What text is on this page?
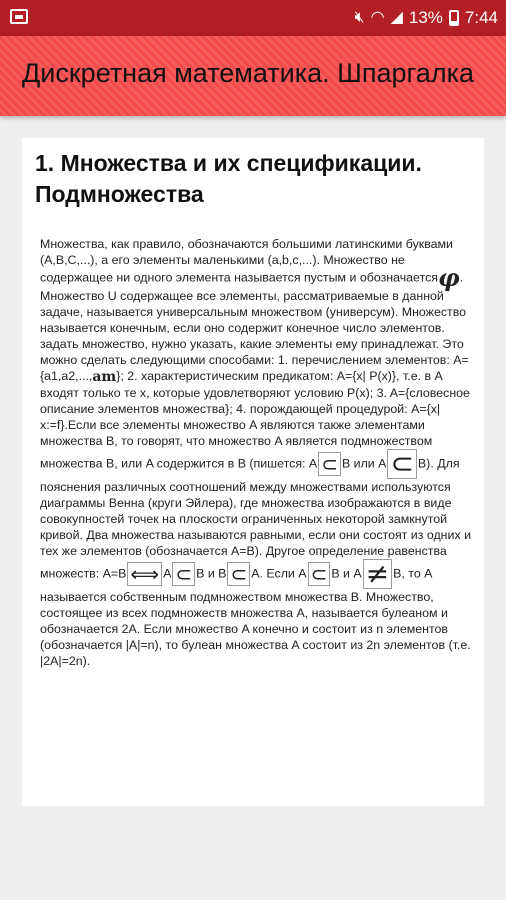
🔇︎ ◠ ◢ 13% 7:44
Дискретная математика. Шпаргалка
1. Множества и их спецификации. Подмножества

Множества, как правило, обозначаются большими латинскими буквами (A,B,C,...), а его элементы маленькими (a,b,c,...). Множество не содержащее ни одного элемента называется пустым и обозначаетсяφ. Множество U содержащее все элементы, рассматриваемые в данной задаче, называется универсальным множеством (универсум). Множество называется конечным, если оно содержит конечное число элементов. задать множество, нужно указать, какие элементы ему принадлежат. Это можно сделать следующими способами: 1. перечислением элементов: A={a1,a2,...,am}; 2. характеристическим предикатом: A={x| P(x)}, т.е. в A входят только те x, которые удовлетворяют условию P(x); 3. A={словесное описание элементов множества}; 4. порождающей процедурой: A={x| x:=f}.Если все элементы множество A являются также элементами множества B, то говорят, что множество A является подмножеством множества B, или A содержится в B (пишется: A ⊂ B или A ⊂ B). Для пояснения различных соотношений между множествами используются диаграммы Венна (круги Эйлера), где множества изображаются в виде совокупностей точек на плоскости ограниченных некоторой замкнутой кривой. Два множества называются равными, если они состоят из одних и тех же элементов (обозначается A=B). Другое определение равенства множеств: A=B ⟺ A ⊂ B и B ⊂ A. Если A ⊂ B и A ≠ B, то A называется собственным подмножеством множества B. Множество, состоящее из всех подмножеств множества A, называется булеаном и обозначается 2A. Если множество A конечно и состоит из n элементов (обозначается |A|=n), то булеан множества A состоит из 2n элементов (т.е. |2A|=2n).
